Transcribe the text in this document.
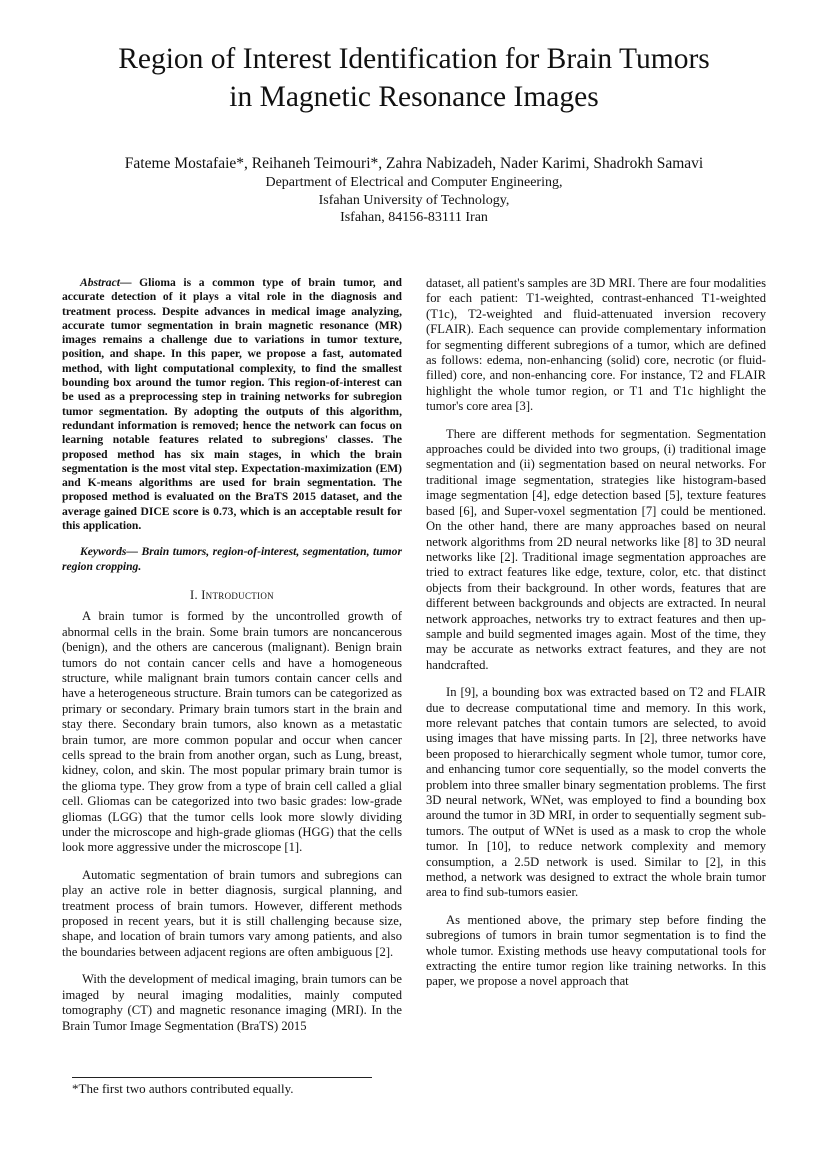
Region of Interest Identification for Brain Tumors
in Magnetic Resonance Images
Fateme Mostafaie*, Reihaneh Teimouri*, Zahra Nabizadeh, Nader Karimi, Shadrokh Samavi
Department of Electrical and Computer Engineering,
Isfahan University of Technology,
Isfahan, 84156-83111 Iran

Abstract— Glioma is a common type of brain tumor, and accurate detection of it plays a vital role in the diagnosis and treatment process. Despite advances in medical image analyzing, accurate tumor segmentation in brain magnetic resonance (MR) images remains a challenge due to variations in tumor texture, position, and shape. In this paper, we propose a fast, automated method, with light computational complexity, to find the smallest bounding box around the tumor region. This region-of-interest can be used as a preprocessing step in training networks for subregion tumor segmentation. By adopting the outputs of this algorithm, redundant information is removed; hence the network can focus on learning notable features related to subregions' classes. The proposed method has six main stages, in which the brain segmentation is the most vital step. Expectation-maximization (EM) and K-means algorithms are used for brain segmentation. The proposed method is evaluated on the BraTS 2015 dataset, and the average gained DICE score is 0.73, which is an acceptable result for this application.

Keywords— Brain tumors, region-of-interest, segmentation, tumor region cropping.

I. Introduction

A brain tumor is formed by the uncontrolled growth of abnormal cells in the brain. Some brain tumors are noncancerous (benign), and the others are cancerous (malignant). Benign brain tumors do not contain cancer cells and have a homogeneous structure, while malignant brain tumors contain cancer cells and have a heterogeneous structure. Brain tumors can be categorized as primary or secondary. Primary brain tumors start in the brain and stay there. Secondary brain tumors, also known as a metastatic brain tumor, are more common popular and occur when cancer cells spread to the brain from another organ, such as Lung, breast, kidney, colon, and skin. The most popular primary brain tumor is the glioma type. They grow from a type of brain cell called a glial cell. Gliomas can be categorized into two basic grades: low-grade gliomas (LGG) that the tumor cells look more slowly dividing under the microscope and high-grade gliomas (HGG) that the cells look more aggressive under the microscope [1].

Automatic segmentation of brain tumors and subregions can play an active role in better diagnosis, surgical planning, and treatment process of brain tumors. However, different methods proposed in recent years, but it is still challenging because size, shape, and location of brain tumors vary among patients, and also the boundaries between adjacent regions are often ambiguous [2].

With the development of medical imaging, brain tumors can be imaged by neural imaging modalities, mainly computed tomography (CT) and magnetic resonance imaging (MRI). In the Brain Tumor Image Segmentation (BraTS) 2015

dataset, all patient's samples are 3D MRI. There are four modalities for each patient: T1-weighted, contrast-enhanced T1-weighted (T1c), T2-weighted and fluid-attenuated inversion recovery (FLAIR). Each sequence can provide complementary information for segmenting different subregions of a tumor, which are defined as follows: edema, non-enhancing (solid) core, necrotic (or fluid-filled) core, and non-enhancing core. For instance, T2 and FLAIR highlight the whole tumor region, or T1 and T1c highlight the tumor's core area [3].

There are different methods for segmentation. Segmentation approaches could be divided into two groups, (i) traditional image segmentation and (ii) segmentation based on neural networks. For traditional image segmentation, strategies like histogram-based image segmentation [4], edge detection based [5], texture features based [6], and Super-voxel segmentation [7] could be mentioned. On the other hand, there are many approaches based on neural network algorithms from 2D neural networks like [8] to 3D neural networks like [2]. Traditional image segmentation approaches are tried to extract features like edge, texture, color, etc. that distinct objects from their background. In other words, features that are different between backgrounds and objects are extracted. In neural network approaches, networks try to extract features and then up-sample and build segmented images again. Most of the time, they may be accurate as networks extract features, and they are not handcrafted.

In [9], a bounding box was extracted based on T2 and FLAIR due to decrease computational time and memory. In this work, more relevant patches that contain tumors are selected, to avoid using images that have missing parts. In [2], three networks have been proposed to hierarchically segment whole tumor, tumor core, and enhancing tumor core sequentially, so the model converts the problem into three smaller binary segmentation problems. The first 3D neural network, WNet, was employed to find a bounding box around the tumor in 3D MRI, in order to sequentially segment sub-tumors. The output of WNet is used as a mask to crop the whole tumor. In [10], to reduce network complexity and memory consumption, a 2.5D network is used. Similar to [2], in this method, a network was designed to extract the whole brain tumor area to find sub-tumors easier.

As mentioned above, the primary step before finding the subregions of tumors in brain tumor segmentation is to find the whole tumor. Existing methods use heavy computational tools for extracting the entire tumor region like training networks. In this paper, we propose a novel approach that

*The first two authors contributed equally.
